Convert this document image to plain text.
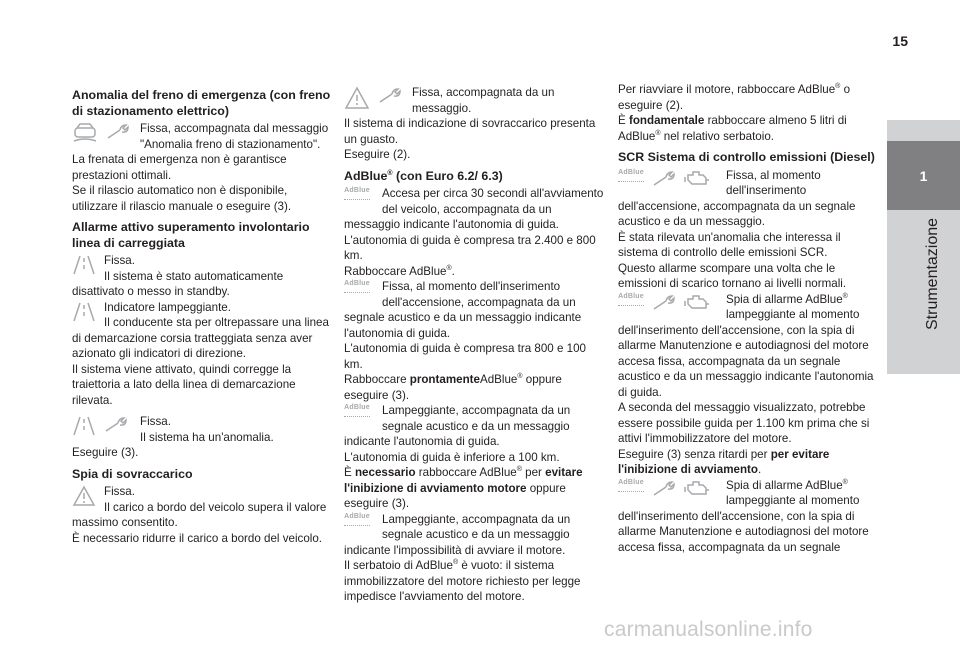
15
1
Strumentazione
Anomalia del freno di emergenza (con freno di stazionamento elettrico)

Fissa, accompagnata dal messaggio "Anomalia freno di stazionamento".

La frenata di emergenza non è garantisce prestazioni ottimali.

Se il rilascio automatico non è disponibile, utilizzare il rilascio manuale o eseguire (3).

Allarme attivo superamento involontario linea di carreggiata

Fissa.

Il sistema è stato automaticamente disattivato o messo in standby.

Indicatore lampeggiante.

Il conducente sta per oltrepassare una linea di demarcazione corsia tratteggiata senza aver azionato gli indicatori di direzione.

Il sistema viene attivato, quindi corregge la traiettoria a lato della linea di demarcazione rilevata.

Fissa.

Il sistema ha un'anomalia.

Eseguire (3).

Spia di sovraccarico

Fissa.

Il carico a bordo del veicolo supera il valore massimo consentito.

È necessario ridurre il carico a bordo del veicolo.

Fissa, accompagnata da un messaggio.

Il sistema di indicazione di sovraccarico presenta un guasto.

Eseguire (2).

AdBlue® (con Euro 6.2/ 6.3)
AdBlue	Accesa per circa 30 secondi all'avviamento del veicolo, accompagnata da un messaggio indicante l'autonomia di guida.

L'autonomia di guida è compresa tra 2.400 e 800 km.

Rabboccare AdBlue®.

AdBlue	Fissa, al momento dell'inserimento dell'accensione, accompagnata da un segnale acustico e da un messaggio indicante l'autonomia di guida.

L'autonomia di guida è compresa tra 800 e 100 km.

Rabboccare prontamenteAdBlue® oppure eseguire (3).

AdBlue	Lampeggiante, accompagnata da un segnale acustico e da un messaggio indicante l'autonomia di guida.

L'autonomia di guida è inferiore a 100 km.

È necessario rabboccare AdBlue® per evitare l'inibizione di avviamento motore oppure eseguire (3).

AdBlue	Lampeggiante, accompagnata da un segnale acustico e da un messaggio indicante l'impossibilità di avviare il motore.

Il serbatoio di AdBlue® è vuoto: il sistema immobilizzatore del motore richiesto per legge impedisce l'avviamento del motore.

Per riavviare il motore, rabboccare AdBlue® o eseguire (2).

È fondamentale rabboccare almeno 5 litri di AdBlue® nel relativo serbatoio.

SCR Sistema di controllo emissioni (Diesel)
AdBlue	Fissa, al momento dell'inserimento dell'accensione, accompagnata da un segnale acustico e da un messaggio.

È stata rilevata un'anomalia che interessa il sistema di controllo delle emissioni SCR.

Questo allarme scompare una volta che le emissioni di scarico tornano ai livelli normali.

AdBlue	Spia di allarme AdBlue® lampeggiante al momento dell'inserimento dell'accensione, con la spia di allarme Manutenzione e autodiagnosi del motore accesa fissa, accompagnata da un segnale acustico e da un messaggio indicante l'autonomia di guida.

A seconda del messaggio visualizzato, potrebbe essere possibile guida per 1.100 km prima che si attivi l'immobilizzatore del motore.

Eseguire (3) senza ritardi per per evitare l'inibizione di avviamento.

AdBlue	Spia di allarme AdBlue® lampeggiante al momento dell'inserimento dell'accensione, con la spia di allarme Manutenzione e autodiagnosi del motore accesa fissa, accompagnata da un segnale

carmanualsonline.info
